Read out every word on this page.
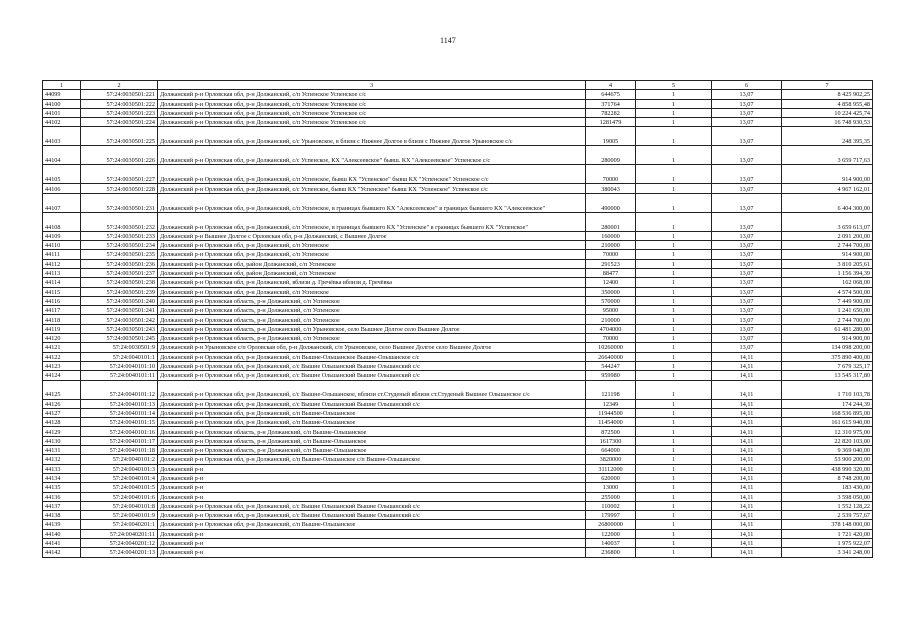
1147
1	2	3	4	5	6	7
44099	57:24:0030501:221	Должанский р-н Орловская обл, р-н Должанский, с/п Успенское Успенское с/с	644675	1	13,07	8 425 902,25
44100	57:24:0030501:222	Должанский р-н Орловская обл, р-н Должанский, с/п Успенское Успенское с/с	371764	1	13,07	4 858 955,48
44101	57:24:0030501:223	Должанский р-н Орловская обл, р-н Должанский, с/п Успенское Успенское с/с	782282	1	13,07	10 224 425,74
44102	57:24:0030501:224	Должанский р-н Орловская обл, р-н Должанский, с/п Успенское Успенское с/с	1281479	1	13,07	16 748 930,53
44103	57:24:0030501:225	Должанский р-н Орловская обл, р-н Должанский, с/с Урыновское, в близи с Нижнее Долгое в близи с Нижнее Долгое Урыновское с/с	19005	1	13,07	248 395,35
44104	57:24:0030501:226	Должанский р-н Орловская обл, р-н Должанский, с/с Успенское, КХ "Алексеевское" бывш. КХ "Алексеевское" Успенское с/с	280009	1	13,07	3 659 717,63
44105	57:24:0030501:227	Должанский р-н Орловская обл, р-н Должанский, с/п Успенское, бывш КХ "Успенское" бывш КХ "Успенское" Успенское с/с	70000	1	13,07	914 900,00
44106	57:24:0030501:228	Должанский р-н Орловская обл, р-н Должанский, с/с Успенское, бывш КХ "Успенское" бывш КХ "Успенское" Успенское с/с	380043	1	13,07	4 967 162,01
44107	57:24:0030501:231	Должанский р-н Орловская обл, р-н Должанский, с/п Успенское, в границах бывшего КХ "Алексеевское" в границах бывшего КХ "Алексеевское"	490000	1	13,07	6 404 300,00
44108	57:24:0030501:232	Должанский р-н Орловская обл, р-н Должанский, с/п Успенское, в границах бывшего КХ "Успенское" в границах бывшего КХ "Успенское"	280001	1	13,07	3 659 613,07
44109	57:24:0030501:233	Должанский р-н Вышнее Долгое с Орловская обл, р-н Должанский, с Вышнее Долгое	160000	1	13,07	2 091 200,00
44110	57:24:0030501:234	Должанский р-н Орловская обл, р-н Должанский, с/п Успенское	210000	1	13,07	2 744 700,00
44111	57:24:0030501:235	Должанский р-н Орловская обл, р-н Должанский, с/п Успенское	70000	1	13,07	914 900,00
44112	57:24:0030501:236	Должанский р-н Орловская обл, район Должанский, с/п Успенское	291523	1	13,07	3 810 205,61
44113	57:24:0030501:237	Должанский р-н Орловская обл, район Должанский, с/п Успенское	88477	1	13,07	1 156 394,39
44114	57:24:0030501:238	Должанский р-н Орловская обл, р-н Должанский, вблизи д. Гречёвка вблизи д. Гречёвка	12400	1	13,07	162 068,00
44115	57:24:0030501:239	Должанский р-н Орловская обл, р-н Должанский, с/п Успенское	350000	1	13,07	4 574 500,00
44116	57:24:0030501:240	Должанский р-н Орловская область, р-н Должанский, с/п Успенское	570000	1	13,07	7 449 900,00
44117	57:24:0030501:241	Должанский р-н Орловская область, р-н Должанский, с/п Успенское	95000	1	13,07	1 241 650,00
44118	57:24:0030501:242	Должанский р-н Орловская область, р-н Должанский, с/п Успенское	210000	1	13,07	2 744 700,00
44119	57:24:0030501:243	Должанский р-н Орловская область, р-н Должанский, с/п Урыновское, село Вышнее Долгое село Вышнее Долгое	4704000	1	13,07	61 481 280,00
44120	57:24:0030501:245	Должанский р-н Орловская область, р-н Должанский, с/п Успенское	70000	1	13,07	914 900,00
44121	57:24:0030501:9	Должанский р-н Урыновское с/п Орловская обл, р-н Должанский, с/п Урыновское, село Вышнее Долгое село Вышнее Долгое	10260000	1	13,07	134 098 200,00
44122	57:24:0040101:1	Должанский р-н Орловская обл, р-н Должанский, с/п Вышне-Ольшанское Вышне-Ольшанское с/с	26640000	1	14,11	375 890 400,00
44123	57:24:0040101:10	Должанский р-н Орловская обл, р-н Должанский, с/с Вышне Ольшанский Вышне Ольшанский с/с	544247	1	14,11	7 679 325,17
44124	57:24:0040101:11	Должанский р-н Орловская обл, р-н Должанский, с/с Вышне Ольшанский Вышне Ольшанский с/с	959980	1	14,11	13 545 317,80
44125	57:24:0040101:12	Должанский р-н Орловская обл, р-н Должанский, с/с Вышне-Ольшанское, вблизи ст.Студеный вблизи ст.Студеный Вышнее Ольшанское с/с	121198	1	14,11	1 710 103,78
44126	57:24:0040101:13	Должанский р-н Орловская обл, р-н Должанский, с/с Вышне Ольшанский Вышне Ольшанский с/с	12349	1	14,11	174 244,39
44127	57:24:0040101:14	Должанский р-н Орловская обл, р-н Должанский, с/п Вышне-Ольшанское	11944500	1	14,11	168 536 895,00
44128	57:24:0040101:15	Должанский р-н Орловская обл, р-н Должанский, с/п Вышне-Ольшанское	11454000	1	14,11	161 615 940,00
44129	57:24:0040101:16	Должанский р-н Орловская область, р-н Должанский, с/п Вышне-Ольшанское	872500	1	14,11	12 310 975,00
44130	57:24:0040101:17	Должанский р-н Орловская область, р-н Должанский, с/п Вышне-Ольшанское	1617300	1	14,11	22 820 103,00
44131	57:24:0040101:18	Должанский р-н Орловская область, р-н Должанский, с/п Вышне-Ольшанское	664000	1	14,11	9 369 040,00
44132	57:24:0040101:2	Должанский р-н Орловская обл, р-н Должанский, с/п Вышне-Ольшанское с/п Вышне-Ольшанское	3820000	1	14,11	53 900 200,00
44133	57:24:0040101:3	Должанский р-н	31112000	1	14,11	438 990 320,00
44134	57:24:0040101:4	Должанский р-н	620000	1	14,11	8 748 200,00
44135	57:24:0040101:5	Должанский р-н	13000	1	14,11	183 430,00
44136	57:24:0040101:6	Должанский р-н	255000	1	14,11	3 598 050,00
44137	57:24:0040101:8	Должанский р-н Орловская обл, р-н Должанский, с/с Вышне Ольшанский Вышне Ольшанский с/с	110002	1	14,11	1 552 128,22
44138	57:24:0040101:9	Должанский р-н Орловская обл, р-н Должанский, с/с Вышне Ольшанский Вышне Ольшанский с/с	179997	1	14,11	2 539 757,67
44139	57:24:0040201:1	Должанский р-н Орловская обл, р-н Должанский, с/п Вышне-Ольшанское	26800000	1	14,11	378 148 000,00
44140	57:24:0040201:11	Должанский р-н	122000	1	14,11	1 721 420,00
44141	57:24:0040201:12	Должанский р-н	140037	1	14,11	1 975 922,07
44142	57:24:0040201:13	Должанский р-н	236800	1	14,11	3 341 248,00
